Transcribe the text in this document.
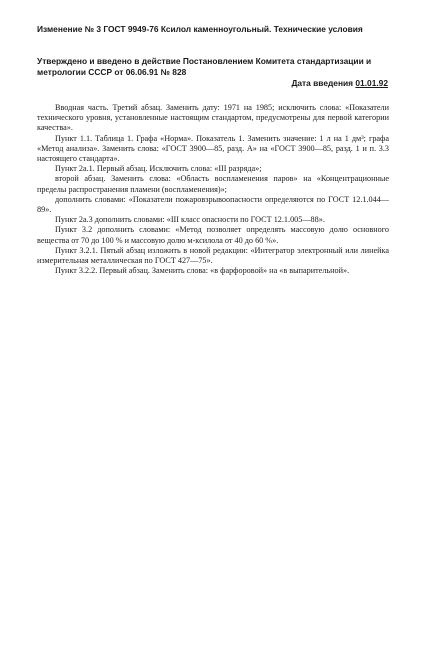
Изменение № 3 ГОСТ 9949-76 Ксилол каменноугольный. Технические условия
Утверждено и введено в действие Постановлением Комитета стандартизации и метрологии СССР от 06.06.91 № 828
Дата введения 01.01.92

Вводная часть. Третий абзац. Заменить дату: 1971 на 1985; исключить слова: «Показатели технического уровня, установленные настоящим стандартом, предусмотрены для первой категории качества».

Пункт 1.1. Таблица 1. Графа «Норма». Показатель 1. Заменить значение: 1 л на 1 дм³; графа «Метод анализа». Заменить слова: «ГОСТ 3900—85, разд. А» на «ГОСТ 3900—85, разд. 1 и п. 3.3 настоящего стандарта».

Пункт 2а.1. Первый абзац. Исключить слова: «III разряда»;

второй абзац. Заменить слова: «Область воспламенения паров» на «Концентрационные пределы распространения пламени (воспламенения)»;

дополнить словами: «Показатели пожаровзрывоопасности определяются по ГОСТ 12.1.044—89».

Пункт 2а.3 дополнить словами: «III класс опасности по ГОСТ 12.1.005—88».

Пункт 3.2 дополнить словами: «Метод позволяет определять массовую долю основного вещества от 70 до 100 % и массовую долю м-ксилола от 40 до 60 %».

Пункт 3.2.1. Пятый абзац изложить в новой редакции: «Интегратор электронный или линейка измерительная металлическая по ГОСТ 427—75».

Пункт 3.2.2. Первый абзац. Заменить слова: «в фарфоровой» на «в выпарительной».
